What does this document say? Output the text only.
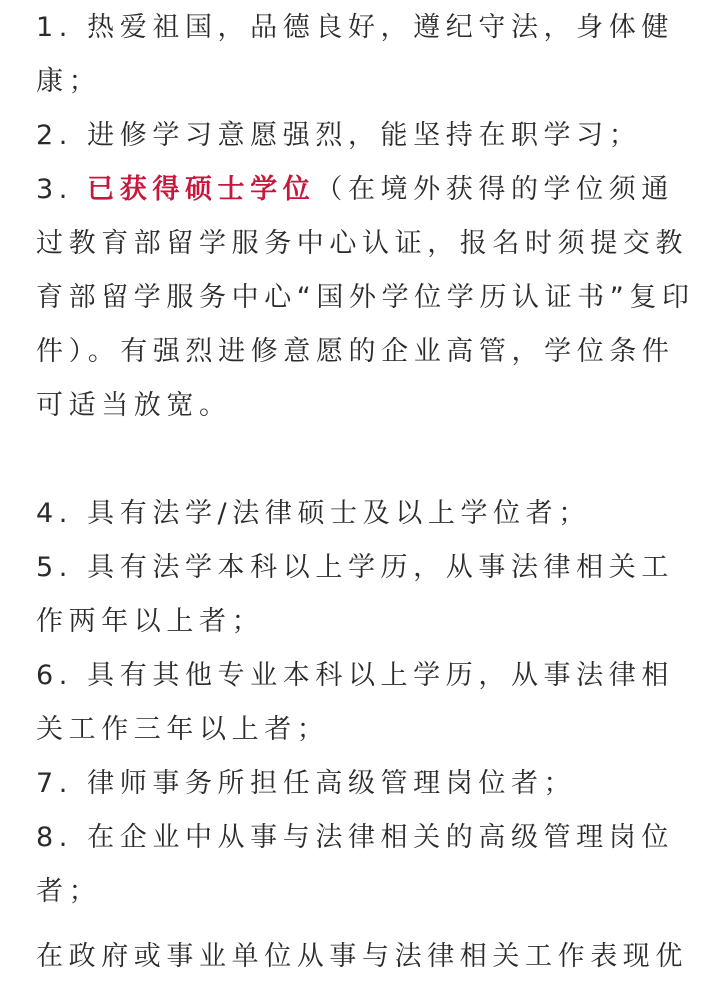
1. 热爱祖国，品德良好，遵纪守法，身体健
康；
2. 进修学习意愿强烈，能坚持在职学习；
3. 已获得硕士学位（在境外获得的学位须通
过教育部留学服务中心认证，报名时须提交教
育部留学服务中心“国外学位学历认证书”复印
件）。有强烈进修意愿的企业高管，学位条件
可适当放宽。
4. 具有法学/法律硕士及以上学位者；
5. 具有法学本科以上学历，从事法律相关工
作两年以上者；
6. 具有其他专业本科以上学历，从事法律相
关工作三年以上者；
7. 律师事务所担任高级管理岗位者；
8. 在企业中从事与法律相关的高级管理岗位
者；
在政府或事业单位从事与法律相关工作表现优
